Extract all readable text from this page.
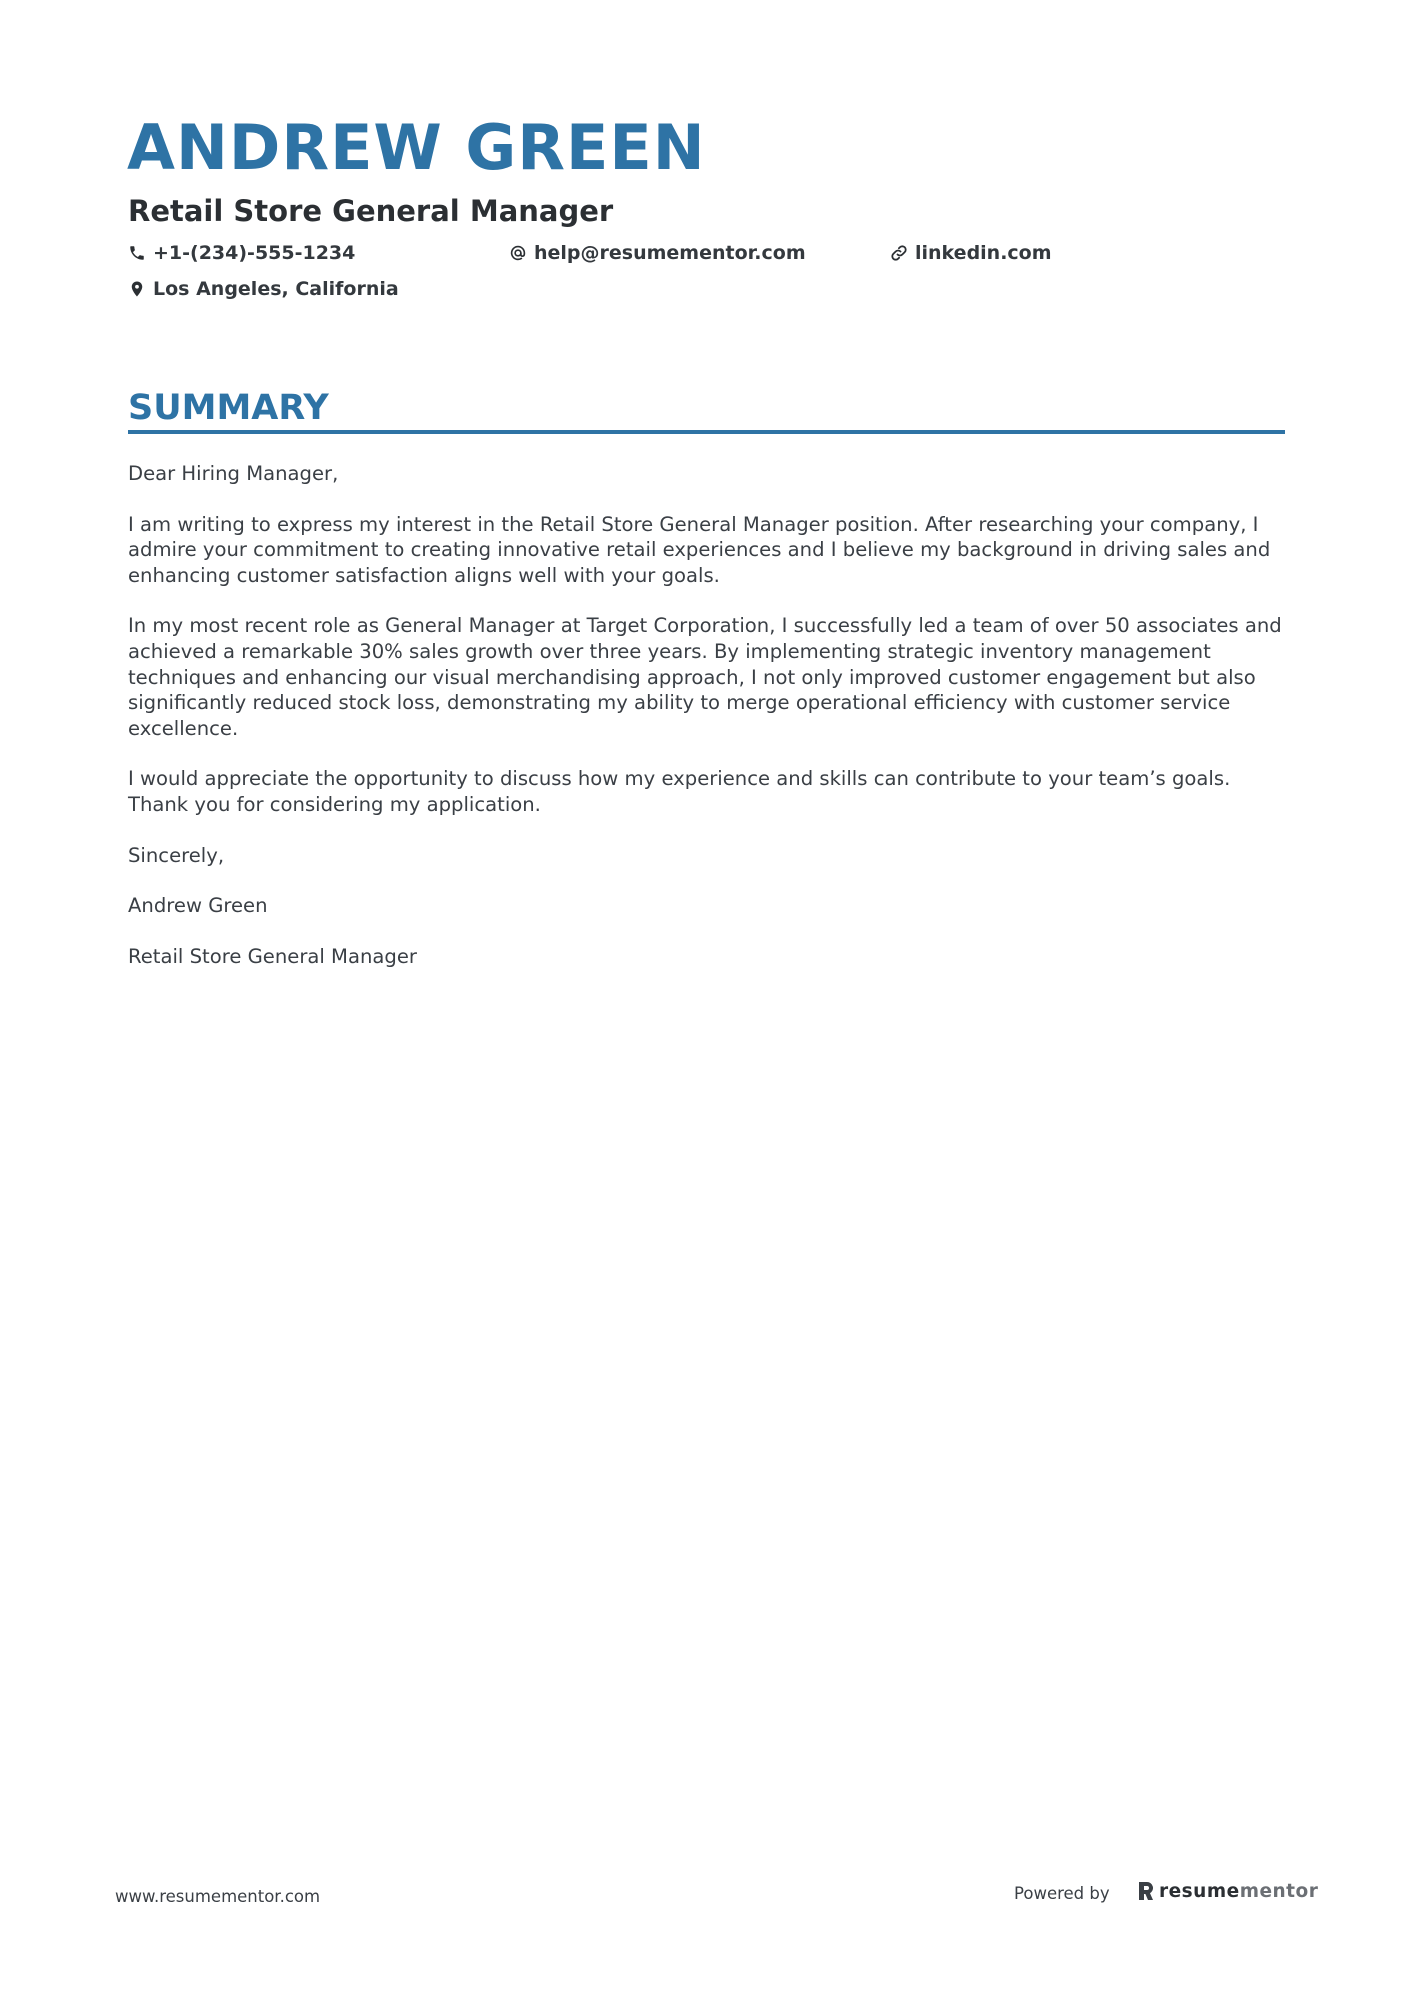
ANDREW GREEN
Retail Store General Manager
+1-(234)-555-1234	help@resumementor.com	linkedin.com
Los Angeles, California
SUMMARY

Dear Hiring Manager,

I am writing to express my interest in the Retail Store General Manager position. After researching your company, I admire your commitment to creating innovative retail experiences and I believe my background in driving sales and enhancing customer satisfaction aligns well with your goals.

In my most recent role as General Manager at Target Corporation, I successfully led a team of over 50 associates and achieved a remarkable 30% sales growth over three years. By implementing strategic inventory management techniques and enhancing our visual merchandising approach, I not only improved customer engagement but also significantly reduced stock loss, demonstrating my ability to merge operational efficiency with customer service excellence.

I would appreciate the opportunity to discuss how my experience and skills can contribute to your team’s goals. Thank you for considering my application.

Sincerely,

Andrew Green

Retail Store General Manager

www.resumementor.com	Powered by	resumementor
